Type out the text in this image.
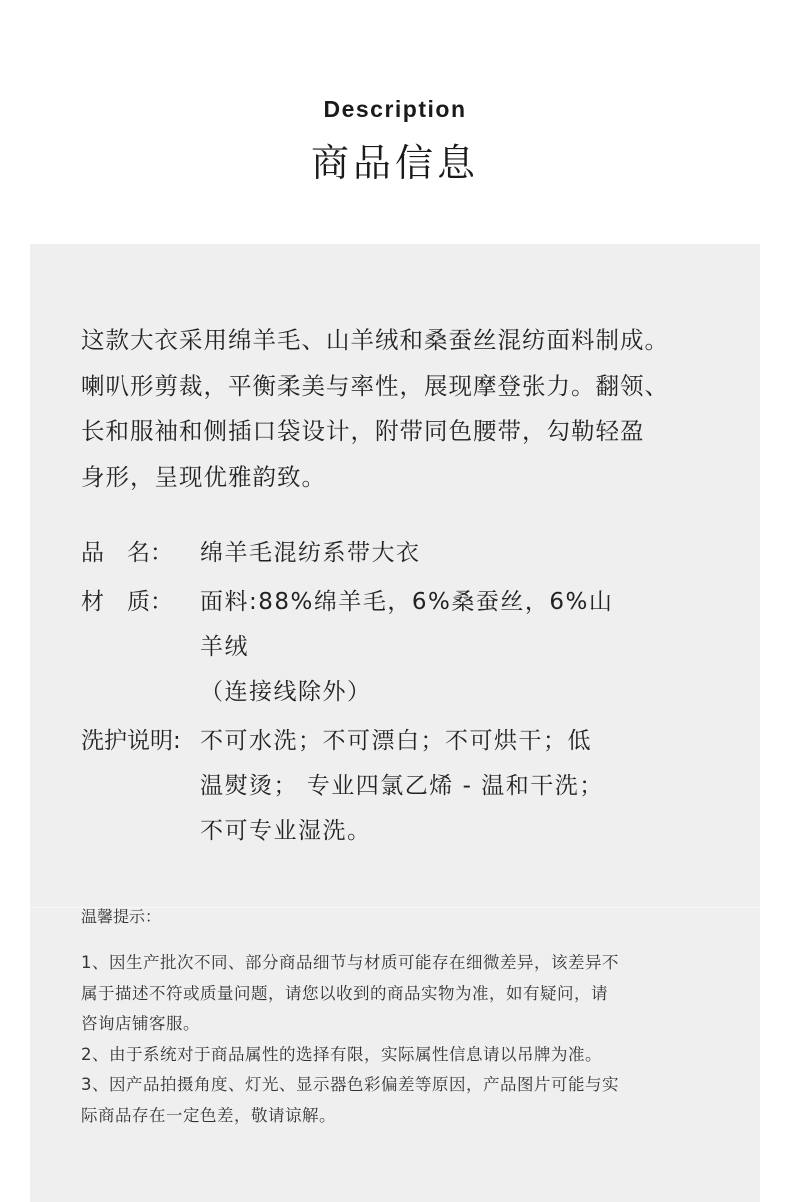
Description
商品信息
这款大衣采用绵羊毛、山羊绒和桑蚕丝混纺面料制成。
喇叭形剪裁，平衡柔美与率性，展现摩登张力。翻领、
长和服袖和侧插口袋设计，附带同色腰带，勾勒轻盈
身形，呈现优雅韵致。
品　名： 绵羊毛混纺系带大衣
材　质： 面料:88%绵羊毛，6%桑蚕丝，6%山
羊绒
（连接线除外）
洗护说明: 不可水洗；不可漂白；不可烘干；低
温熨烫； 专业四氯乙烯 - 温和干洗；
不可专业湿洗。
温馨提示：
1、因生产批次不同、部分商品细节与材质可能存在细微差异，该差异不
属于描述不符或质量问题，请您以收到的商品实物为准，如有疑问，请
咨询店铺客服。
2、由于系统对于商品属性的选择有限，实际属性信息请以吊牌为准。
3、因产品拍摄角度、灯光、显示器色彩偏差等原因，产品图片可能与实
际商品存在一定色差，敬请谅解。
